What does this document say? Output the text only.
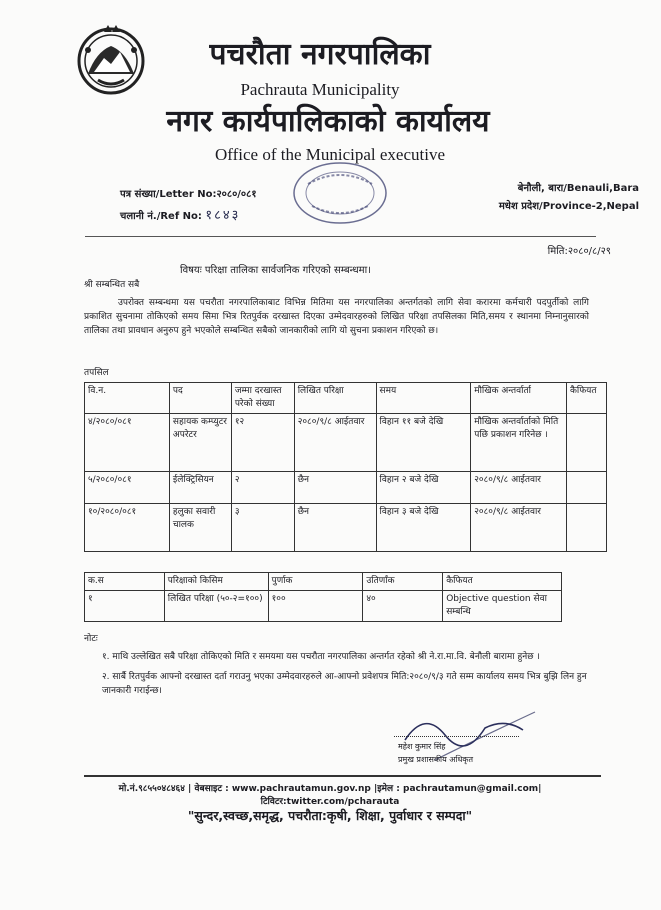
पचरौता नगरपालिका
Pachrauta Municipality
नगर कार्यपालिकाको कार्यालय
Office of the Municipal executive
पत्र संख्या/Letter No:२०८०/०८१
चलानी नं./Ref No: १८४३
बेनौली, बारा/Benauli,Bara
मधेश प्रदेश/Province-2,Nepal
मिति:२०८०/८/२९
विषयः परिक्षा तालिका सार्वजनिक गरिएको सम्बन्धमा।
श्री सम्बन्धित सबै
उपरोक्त सम्बन्धमा यस पचरौता नगरपालिकाबाट विभिन्न मितिमा यस नगरपालिका अन्तर्गतको लागि सेवा करारमा कर्मचारी पदपुर्तीको लागि प्रकाशित सुचनामा तोकिएको समय सिमा भित्र रितपुर्वक दरखास्त दिएका उम्मेदवारहरुको लिखित परिक्षा तपसिलका मिति,समय र स्थानमा निम्नानुसारको तालिका तथा प्रावधान अनुरुप हुने भएकोले सम्बन्धित सबैको जानकारीको लागि यो सुचना प्रकाशन गरिएको छ।
तपसिल
वि.न.	पद	जम्मा दरखास्त परेको संख्या	लिखित परिक्षा	समय	मौखिक अन्तर्वार्ता	कैफियत
४/२०८०/०८१	सहायक कम्प्युटर अपरेटर	१२	२०८०/९/८ आईतवार	विहान ११ बजे देखि	मौखिक अन्तर्वार्ताको मिति पछि प्रकाशन गरिनेछ ।	
५/२०८०/०८१	ईलेक्ट्रिसियन	२	छैन	विहान २ बजे देखि	२०८०/९/८ आईतवार	
१०/२०८०/०८१	हलुका सवारी चालक	३	छैन	विहान ३ बजे देखि	२०८०/९/८ आईतवार	
क.स	परिक्षाको किसिम	पुर्णाक	उतिर्णांक	कैफियत
१	लिखित परिक्षा (५०-२=१००)	१००	४०	Objective question सेवा सम्बन्धि
नोटः
१. माथि उल्लेखित सबै परिक्षा तोकिएको मिति र समयमा यस पचरौता नगरपालिका अन्तर्गत रहेको श्री ने.रा.मा.वि. बेनौली बारामा हुनेछ ।
२. सार्बै रितपुर्वक आफ्नो दरखास्त दर्ता गराउनु भएका उम्मेदवारहरुले आ-आफ्नो प्रवेशपत्र मिति:२०८०/९/३ गते सम्म कार्यालय समय भित्र बुझि लिन हुन जानकारी गराईन्छ।
महेश कुमार सिंह
प्रमुख प्रशासकीय अधिकृत
मो.नं.९८५५०४८४६४ | वेबसाइट : www.pachrautamun.gov.np |इमेल : pachrautamun@gmail.com|
टिविटर:twitter.com/pcharauta
"सुन्दर,स्वच्छ,समृद्ध, पचरौता:कृषी, शिक्षा, पुर्वाधार र सम्पदा"
